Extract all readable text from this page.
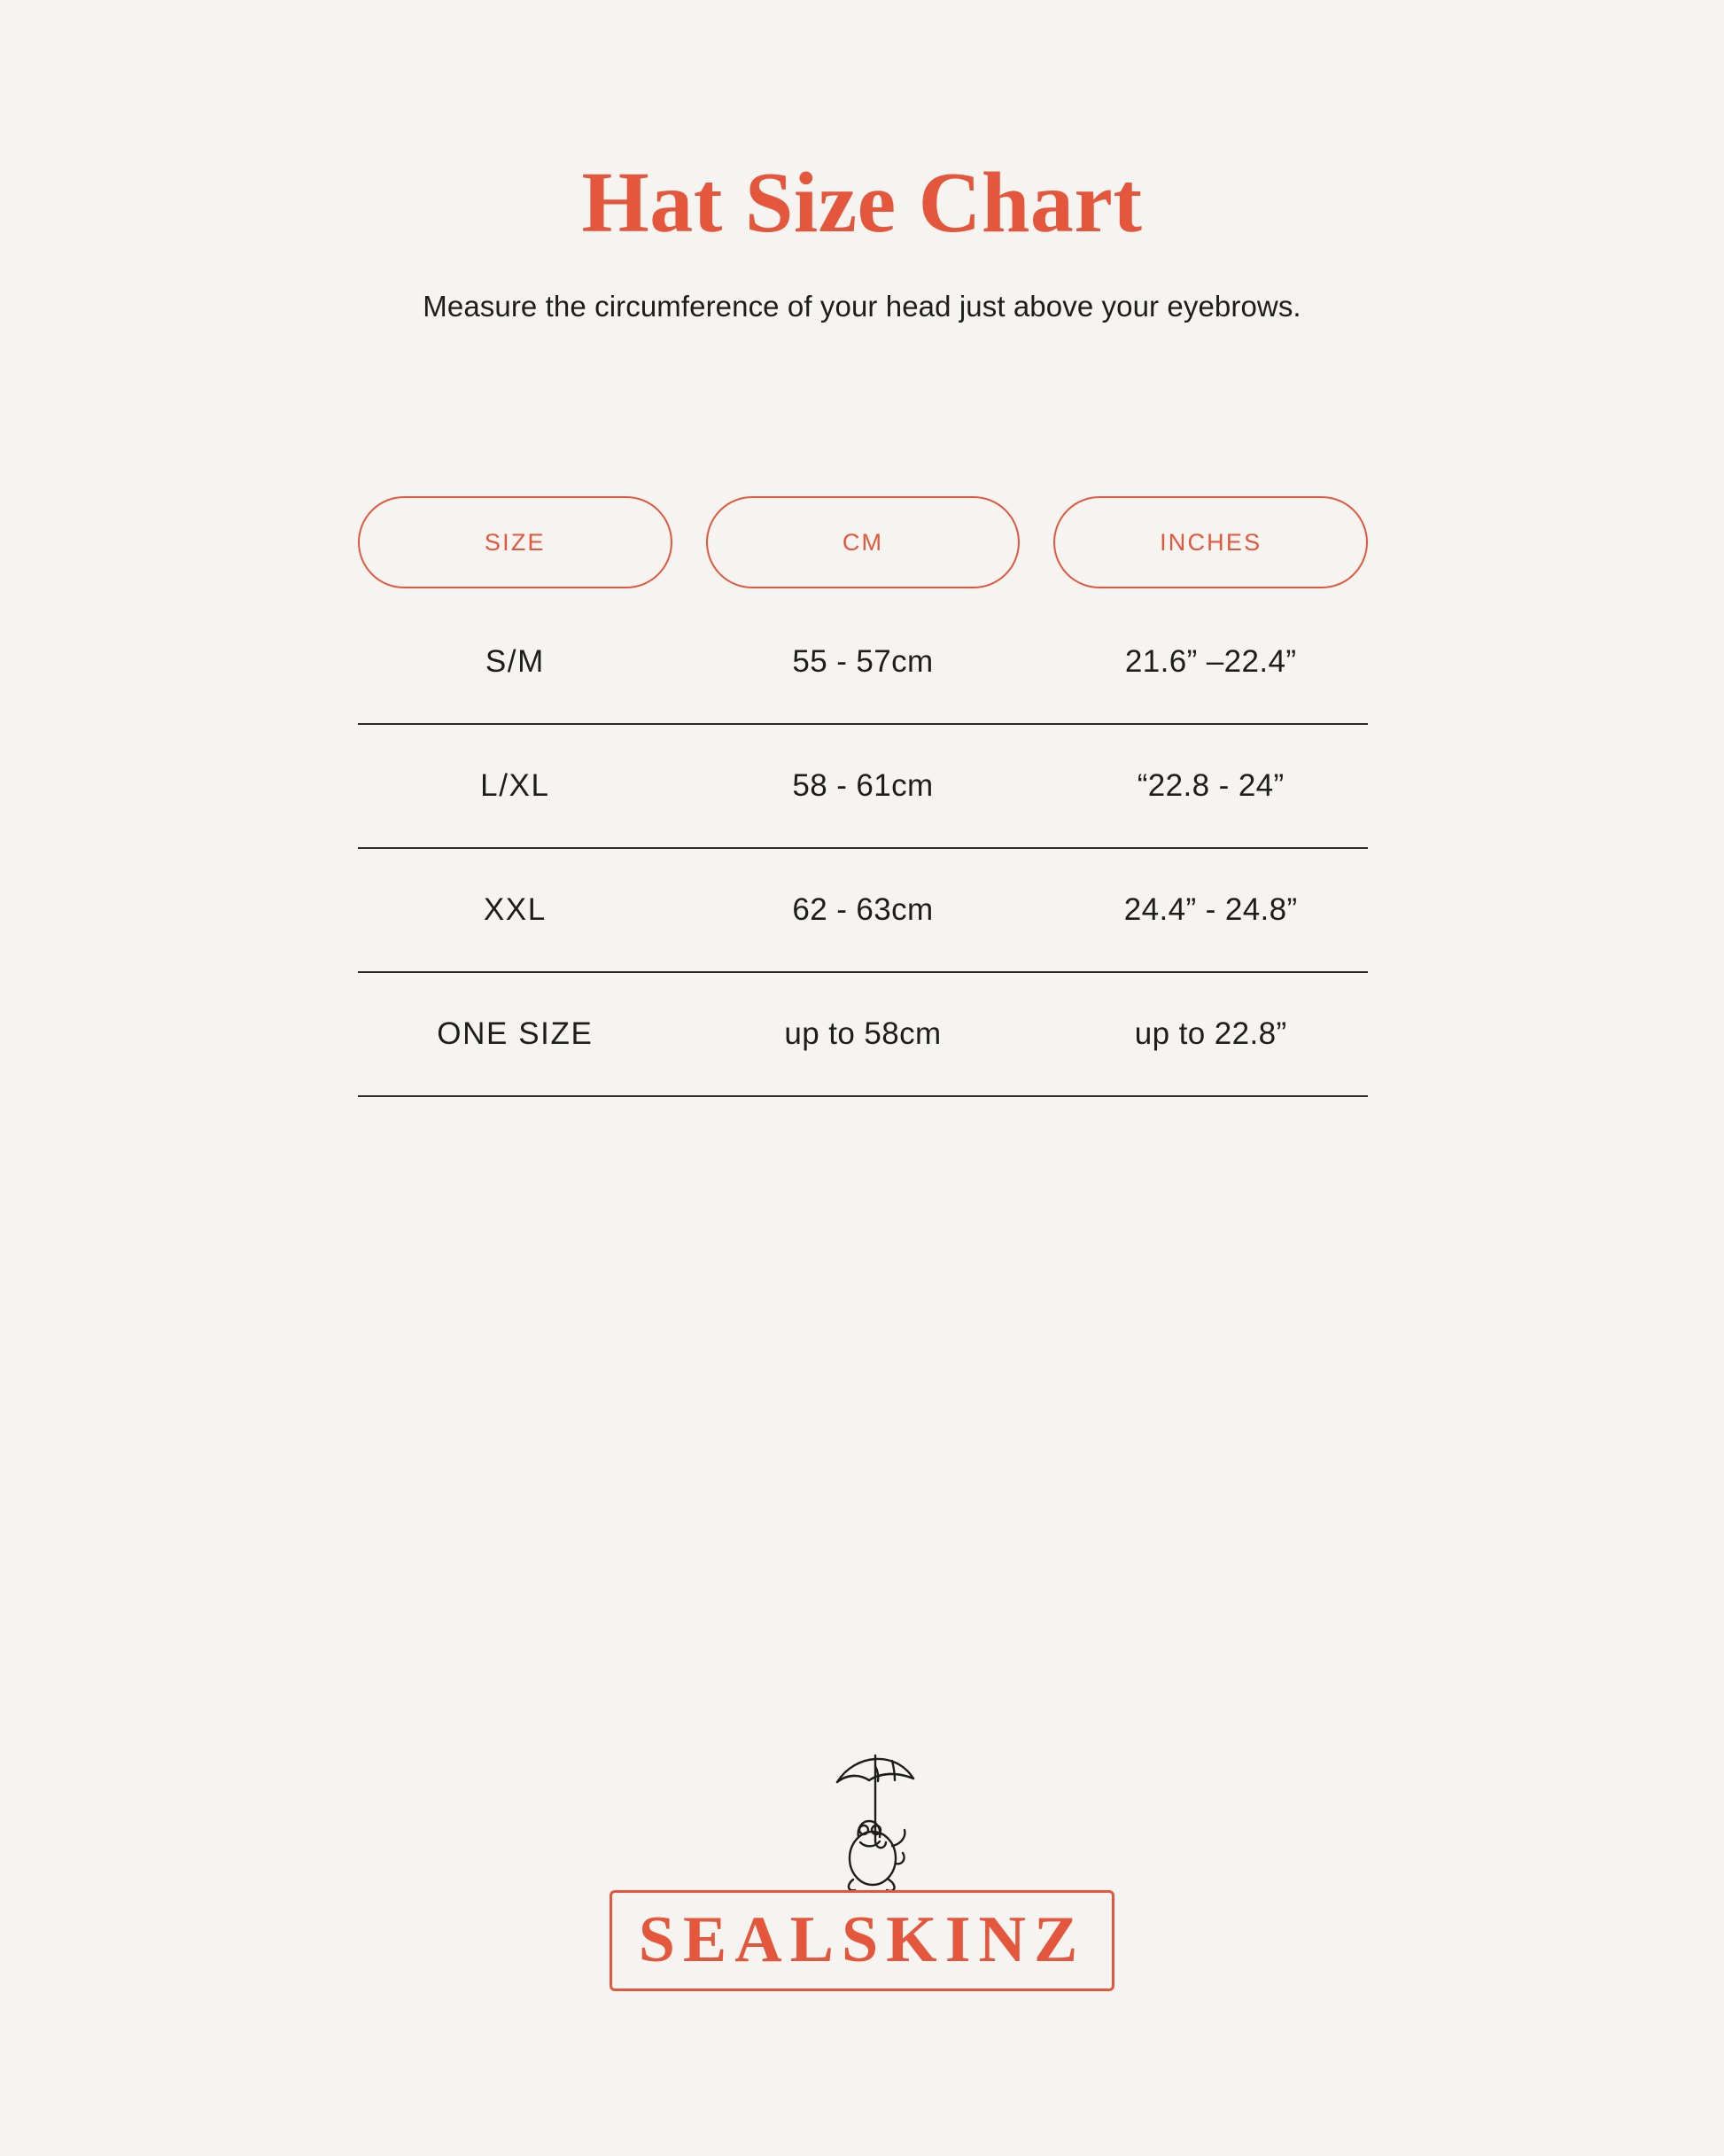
Hat Size Chart

Measure the circumference of your head just above your eyebrows.

SIZE	CM	INCHES
S/M	55 - 57cm	21.6” –22.4”
L/XL	58 - 61cm	“22.8 - 24”
XXL	62 - 63cm	24.4” - 24.8”
ONE SIZE	up to 58cm	up to 22.8”
SEALSKINZ
